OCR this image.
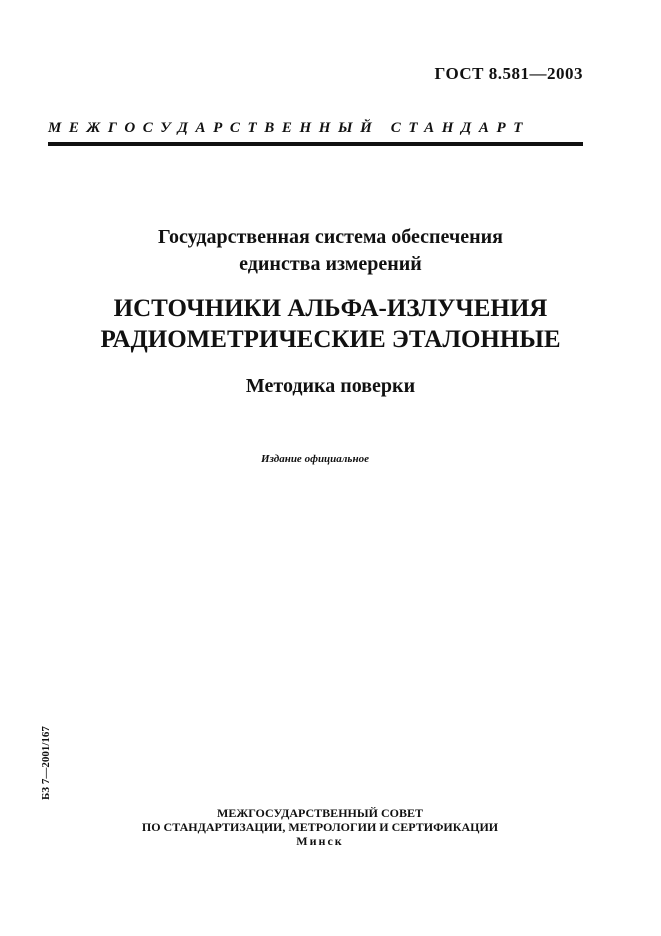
ГОСТ 8.581—2003
МЕЖГОСУДАРСТВЕННЫЙ СТАНДАРТ
Государственная система обеспечения
единства измерений
ИСТОЧНИКИ АЛЬФА-ИЗЛУЧЕНИЯ
РАДИОМЕТРИЧЕСКИЕ ЭТАЛОННЫЕ
Методика поверки
Издание официальное
БЗ 7—2001/167
МЕЖГОСУДАРСТВЕННЫЙ СОВЕТ
ПО СТАНДАРТИЗАЦИИ, МЕТРОЛОГИИ И СЕРТИФИКАЦИИ
Минск
